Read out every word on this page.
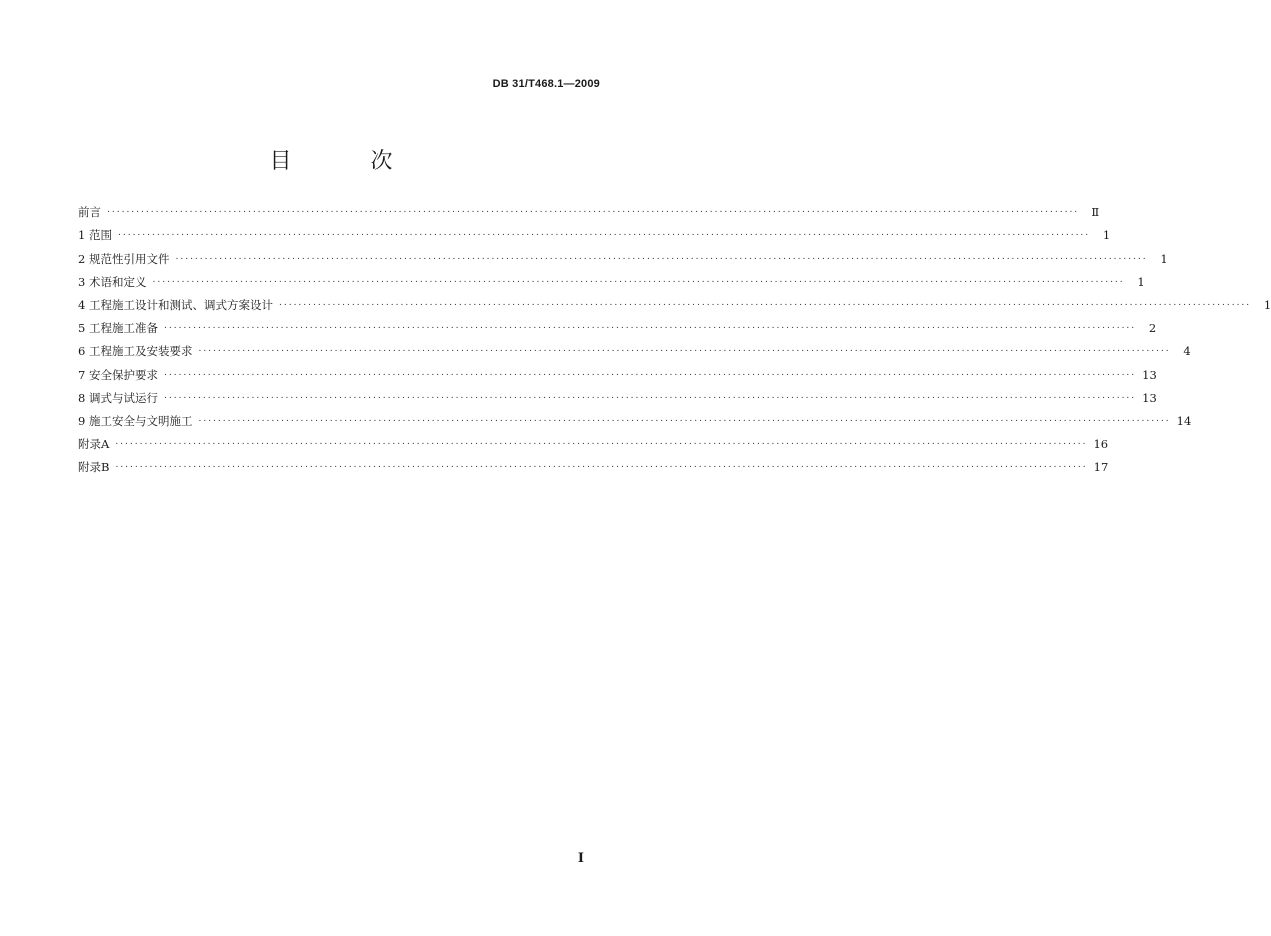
DB 31/T468.1—2009
目 次
前言 ........................................................................................................................................................................................................	Ⅱ
1 范围 ........................................................................................................................................................................................................	1
2 规范性引用文件 ........................................................................................................................................................................................................	1
3 术语和定义 ........................................................................................................................................................................................................	1
4 工程施工设计和测试、调式方案设计 ........................................................................................................................................................................................................	1
5 工程施工准备 ........................................................................................................................................................................................................	2
6 工程施工及安装要求 ........................................................................................................................................................................................................	4
7 安全保护要求 ........................................................................................................................................................................................................ 13
8 调式与试运行 ........................................................................................................................................................................................................ 13
9 施工安全与文明施工 ........................................................................................................................................................................................................ 14
附录A ........................................................................................................................................................................................................ 16
附录B ........................................................................................................................................................................................................ 17
I
